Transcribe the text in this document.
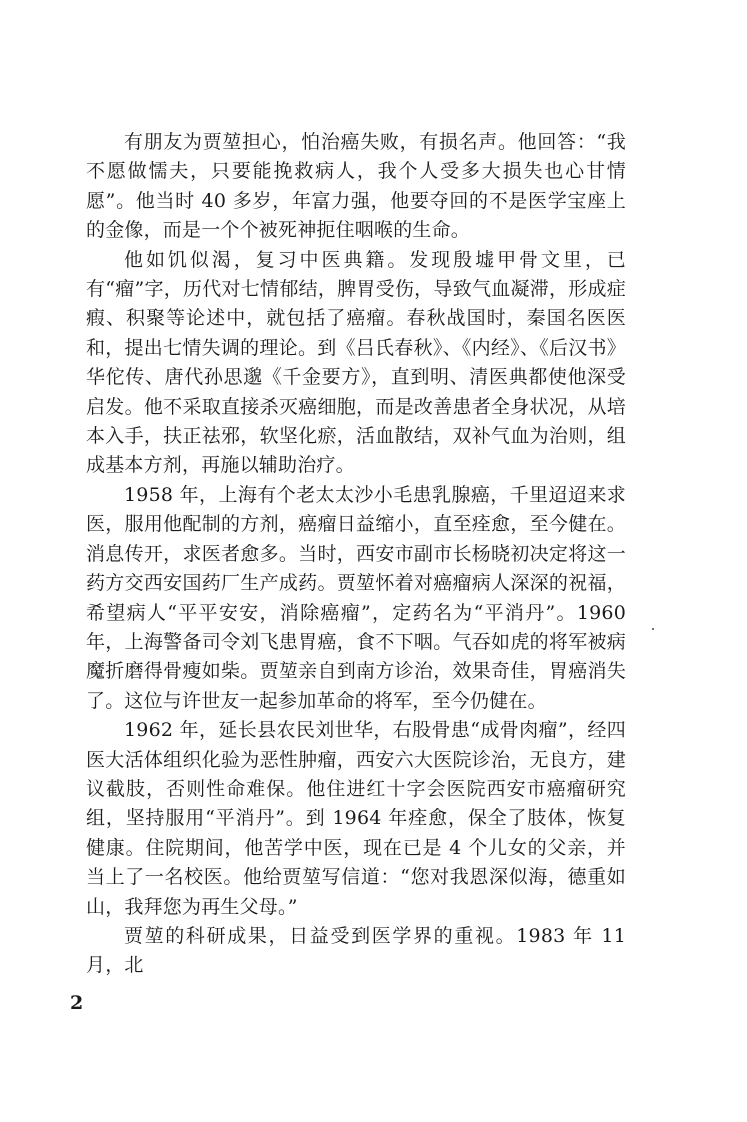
有朋友为贾堃担心，怕治癌失败，有损名声。他回答：“我不愿做懦夫，只要能挽救病人，我个人受多大损失也心甘情愿”。他当时 40 多岁，年富力强，他要夺回的不是医学宝座上的金像，而是一个个被死神扼住咽喉的生命。

他如饥似渴，复习中医典籍。发现殷墟甲骨文里，已有“瘤”字，历代对七情郁结，脾胃受伤，导致气血凝滞，形成症瘕、积聚等论述中，就包括了癌瘤。春秋战国时，秦国名医医和，提出七情失调的理论。到《吕氏春秋》、《内经》、《后汉书》华佗传、唐代孙思邈《千金要方》，直到明、清医典都使他深受启发。他不采取直接杀灭癌细胞，而是改善患者全身状况，从培本入手，扶正祛邪，软坚化瘀，活血散结，双补气血为治则，组成基本方剂，再施以辅助治疗。

1958 年，上海有个老太太沙小毛患乳腺癌，千里迢迢来求医，服用他配制的方剂，癌瘤日益缩小，直至痊愈，至今健在。消息传开，求医者愈多。当时，西安市副市长杨晓初决定将这一药方交西安国药厂生产成药。贾堃怀着对癌瘤病人深深的祝福，希望病人“平平安安，消除癌瘤”，定药名为“平消丹”。1960 年，上海警备司令刘飞患胃癌，食不下咽。气吞如虎的将军被病魔折磨得骨瘦如柴。贾堃亲自到南方诊治，效果奇佳，胃癌消失了。这位与许世友一起参加革命的将军，至今仍健在。

1962 年，延长县农民刘世华，右股骨患“成骨肉瘤”，经四医大活体组织化验为恶性肿瘤，西安六大医院诊治，无良方，建议截肢，否则性命难保。他住进红十字会医院西安市癌瘤研究组，坚持服用“平消丹”。到 1964 年痊愈，保全了肢体，恢复健康。住院期间，他苦学中医，现在已是 4 个儿女的父亲，并当上了一名校医。他给贾堃写信道：“您对我恩深似海，德重如山，我拜您为再生父母。”

贾堃的科研成果，日益受到医学界的重视。1983 年 11 月，北

2
